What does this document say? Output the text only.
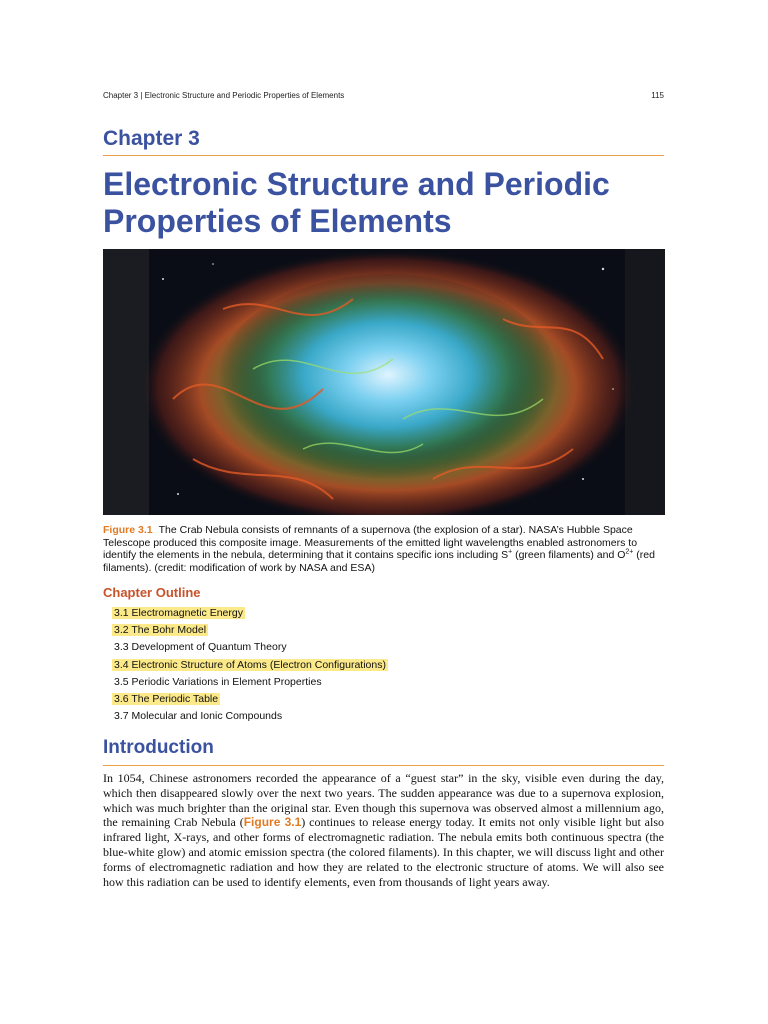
Chapter 3 | Electronic Structure and Periodic Properties of Elements	115
Chapter 3
Electronic Structure and Periodic Properties of Elements
Figure 3.1 The Crab Nebula consists of remnants of a supernova (the explosion of a star). NASA’s Hubble Space Telescope produced this composite image. Measurements of the emitted light wavelengths enabled astronomers to identify the elements in the nebula, determining that it contains specific ions including S+ (green filaments) and $O^{2+}$ (red filaments). (credit: modification of work by NASA and ESA)
Chapter Outline
3.1 Electromagnetic Energy
3.2 The Bohr Model
3.3 Development of Quantum Theory
3.4 Electronic Structure of Atoms (Electron Configurations)
3.5 Periodic Variations in Element Properties
3.6 The Periodic Table
3.7 Molecular and Ionic Compounds
Introduction
In 1054, Chinese astronomers recorded the appearance of a “guest star” in the sky, visible even during the day, which then disappeared slowly over the next two years. The sudden appearance was due to a supernova explosion, which was much brighter than the original star. Even though this supernova was observed almost a millennium ago, the remaining Crab Nebula (Figure 3.1) continues to release energy today. It emits not only visible light but also infrared light, X-rays, and other forms of electromagnetic radiation. The nebula emits both continuous spectra (the blue-white glow) and atomic emission spectra (the colored filaments). In this chapter, we will discuss light and other forms of electromagnetic radiation and how they are related to the electronic structure of atoms. We will also see how this radiation can be used to identify elements, even from thousands of light years away.
